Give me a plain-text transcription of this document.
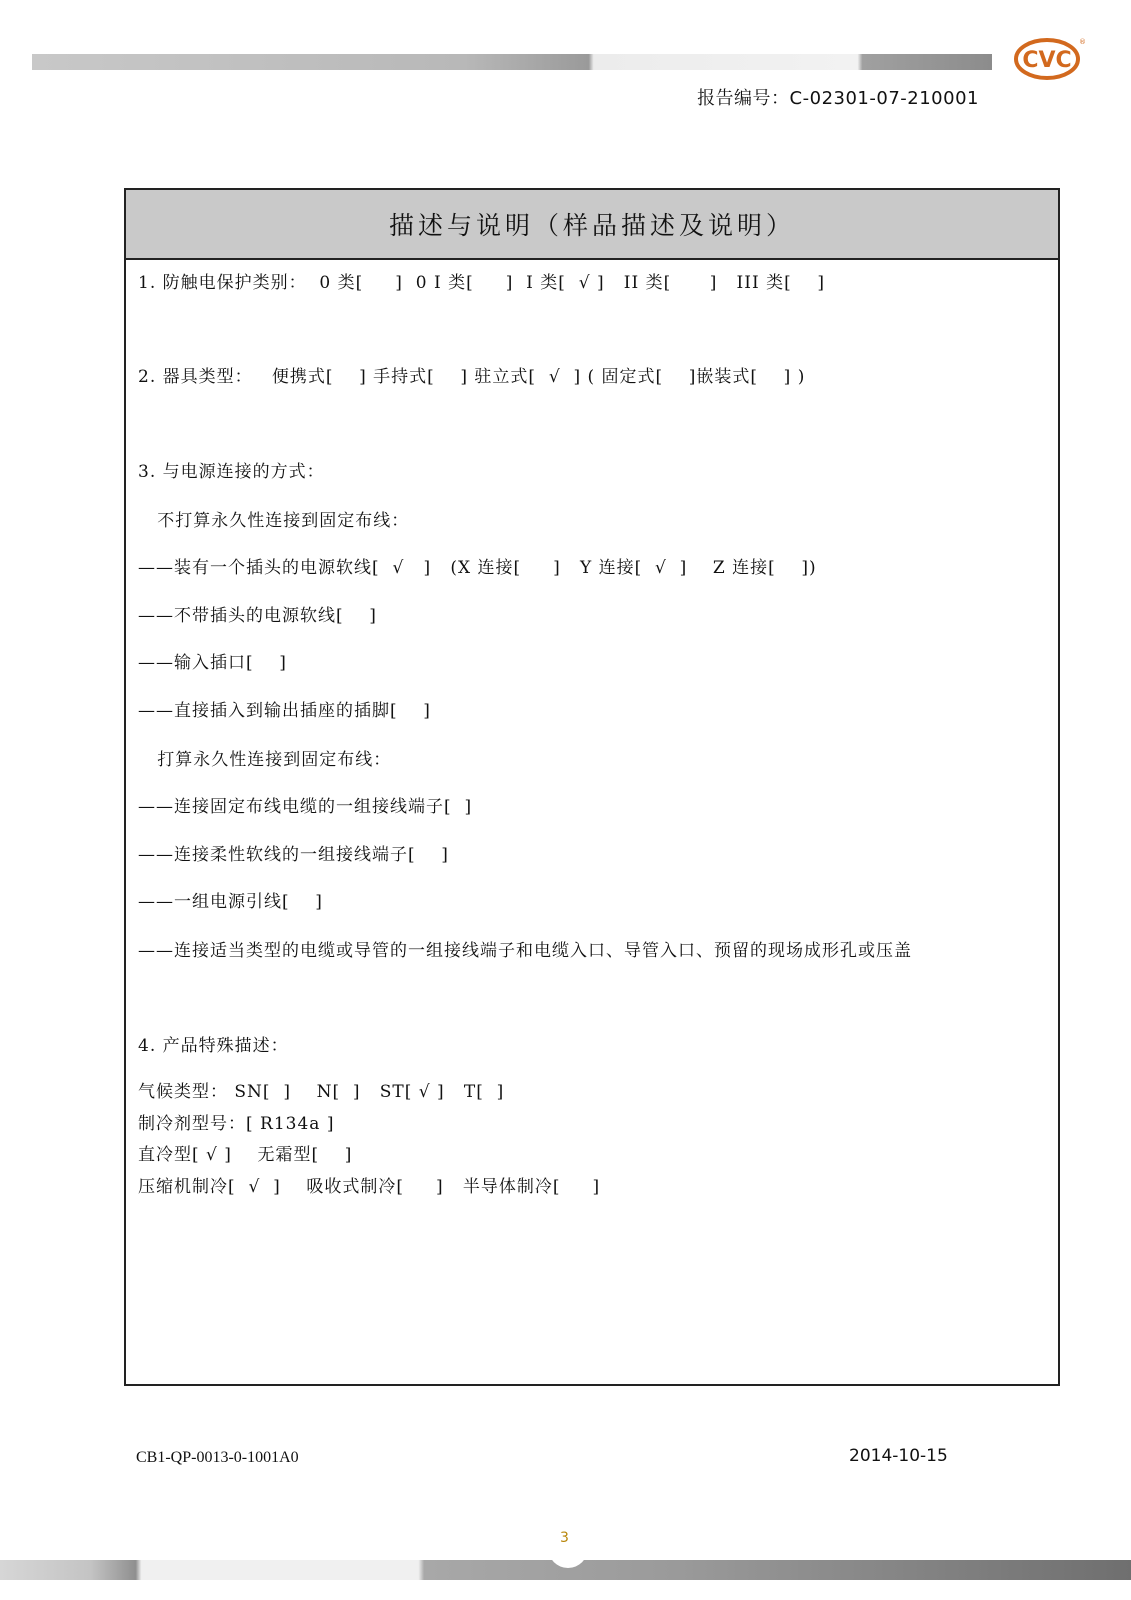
CVC
®
报告编号：C-02301-07-210001
描述与说明（样品描述及说明）
1. 防触电保护类别：  0 类[     ]  0 I 类[     ]  I 类[  √ ]   II 类[      ]   III 类[    ]
2. 器具类型：   便携式[    ] 手持式[    ] 驻立式[  √  ] ( 固定式[    ]嵌装式[    ] )
3. 与电源连接的方式：
不打算永久性连接到固定布线：
——装有一个插头的电源软线[  √   ]   (X 连接[     ]   Y 连接[  √  ]    Z 连接[    ])
——不带插头的电源软线[    ]
——输入插口[    ]
——直接插入到输出插座的插脚[    ]
打算永久性连接到固定布线：
——连接固定布线电缆的一组接线端子[  ]
——连接柔性软线的一组接线端子[    ]
——一组电源引线[    ]
——连接适当类型的电缆或导管的一组接线端子和电缆入口、导管入口、预留的现场成形孔或压盖
4. 产品特殊描述：
气候类型： SN[  ]    N[  ]   ST[ √ ]   T[  ]
制冷剂型号：[ R134a ]
直冷型[ √ ]    无霜型[    ]
压缩机制冷[  √  ]    吸收式制冷[     ]   半导体制冷[     ]
CB1-QP-0013-0-1001A0	2014-10-15
3
